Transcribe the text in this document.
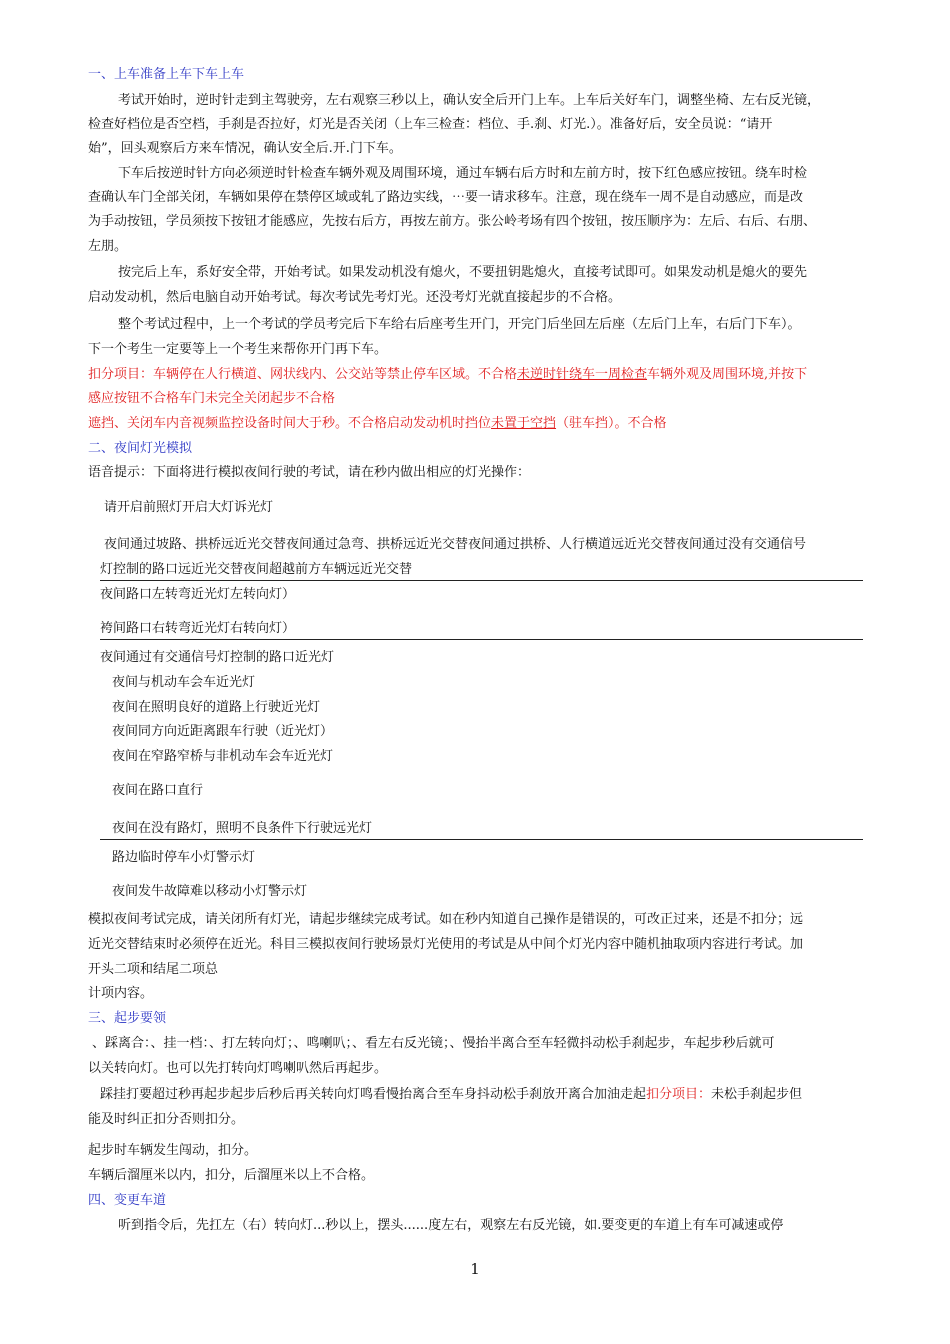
一、上车准备上车下车上车
考试开始时，逆时针走到主驾驶旁，左右观察三秒以上，确认安全后开门上车。上车后关好车门，调整坐椅、左右反光镜，
检查好档位是否空档，手刹是否拉好，灯光是否关闭（上车三检查：档位、手.刹、灯光.）。准备好后，安全员说：“请开
始”，回头观察后方来车情况，确认安全后.开.门下车。
下车后按逆时针方向必须逆时针检查车辆外观及周围环境，通过车辆右后方时和左前方时，按下红色感应按钮。绕车时检
查确认车门全部关闭，车辆如果停在禁停区域或轧了路边实线，⋯要一请求移车。注意，现在绕车一周不是自动感应，而是改
为手动按钮，学员须按下按钮才能感应，先按右后方，再按左前方。张公岭考场有四个按钮，按压顺序为：左后、右后、右朋、
左朋。
按完后上车，系好安全带，开始考试。如果发动机没有熄火，不要扭钥匙熄火，直接考试即可。如果发动机是熄火的要先
启动发动机，然后电脑自动开始考试。每次考试先考灯光。还没考灯光就直接起步的不合格。
整个考试过程中，上一个考试的学员考完后下车给右后座考生开门，开完门后坐回左后座（左后门上车，右后门下车）。
下一个考生一定要等上一个考生来帮你开门再下车。
扣分项目：车辆停在人行横道、网状线内、公交站等禁止停车区域。不合格未逆时针绕车一周检查车辆外观及周围环境,并按下
感应按钮不合格车门未完全关闭起步不合格
遮挡、关闭车内音视频监控设备时间大于秒。不合格启动发动机时挡位未置于空挡（驻车挡）。不合格
二、夜间灯光模拟
语音提示：下面将进行模拟夜间行驶的考试，请在秒内做出相应的灯光操作：
请开启前照灯开启大灯诉光灯
夜间通过坡路、拱桥远近光交替夜间通过急弯、拱桥远近光交替夜间通过拱桥、人行横道远近光交替夜间通过没有交通信号
灯控制的路口远近光交替夜间超越前方车辆远近光交替
夜间路口左转弯近光灯左转向灯）
袴间路口右转弯近光灯右转向灯）
夜间通过有交通信号灯控制的路口近光灯
夜间与机动车会车近光灯
夜间在照明良好的道路上行驶近光灯
夜间同方向近距离跟车行驶（近光灯）
夜间在窄路窄桥与非机动车会车近光灯
夜间在路口直行
夜间在没有路灯，照明不良条件下行驶远光灯
路边临时停车小灯警示灯
夜间发牛故障难以移动小灯警示灯
模拟夜间考试完成，请关闭所有灯光，请起步继续完成考试。如在秒内知道自己操作是错误的，可改正过来，还是不扣分；远
近光交替结束时必须停在近光。科目三模拟夜间行驶场景灯光使用的考试是从中间个灯光内容中随机抽取项内容进行考试。加
开头二项和结尾二项总
计项内容。
三、起步要领
、踩离合：、挂一档：、打左转向灯；、鸣喇叭；、看左右反光镜；、慢抬半离合至车轻微抖动松手刹起步，车起步秒后就可
以关转向灯。也可以先打转向灯鸣喇叭然后再起步。
踩挂打要超过秒再起步起步后秒后再关转向灯鸣看慢抬离合至车身抖动松手刹放开离合加油走起扣分项目：未松手刹起步但
能及时纠正扣分否则扣分。
起步时车辆发生闯动，扣分。
车辆后溜厘米以内，扣分，后溜厘米以上不合格。
四、变更车道
听到指令后，先扛左（右）转向灯...秒以上，摆头......度左右，观察左右反光镜，如.要变更的车道上有车可减速或停
1
